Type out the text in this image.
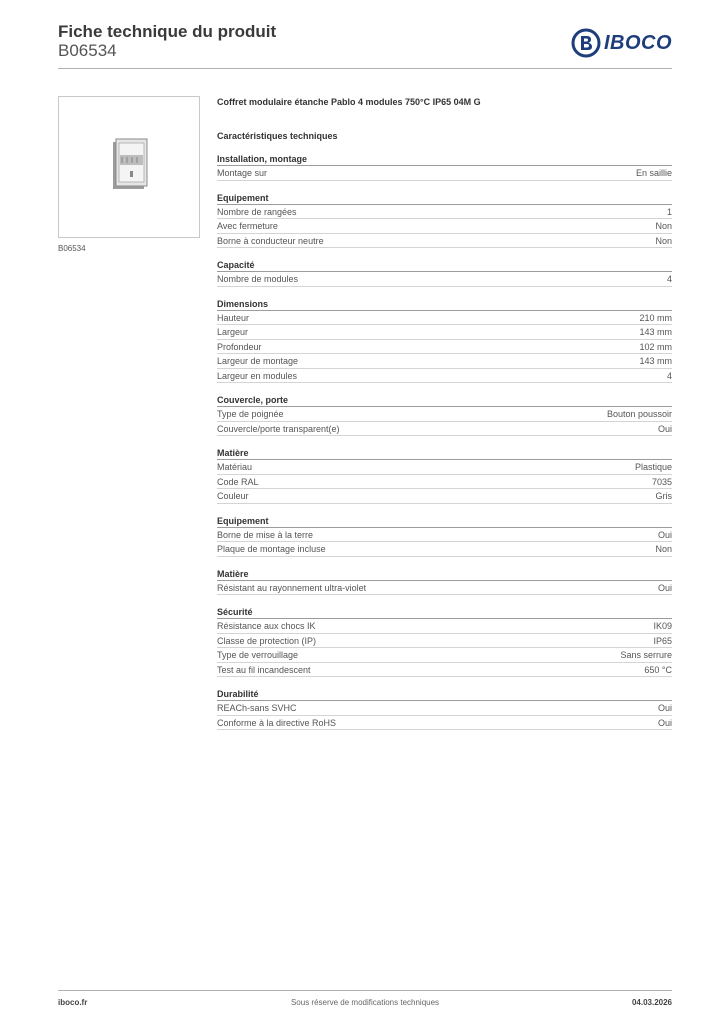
Fiche technique du produit
B06534	IBOCO
B06534
Coffret modulaire étanche Pablo 4 modules 750°C IP65 04M G
Caractéristiques techniques
Installation, montage
Montage sur	En saillie
Equipement
Nombre de rangées	1
Avec fermeture	Non
Borne à conducteur neutre	Non
Capacité
Nombre de modules	4
Dimensions
Hauteur	210 mm
Largeur	143 mm
Profondeur	102 mm
Largeur de montage	143 mm
Largeur en modules	4
Couvercle, porte
Type de poignée	Bouton poussoir
Couvercle/porte transparent(e)	Oui
Matière
Matériau	Plastique
Code RAL	7035
Couleur	Gris
Equipement
Borne de mise à la terre	Oui
Plaque de montage incluse	Non
Matière
Résistant au rayonnement ultra-violet	Oui
Sécurité
Résistance aux chocs IK	IK09
Classe de protection (IP)	IP65
Type de verrouillage	Sans serrure
Test au fil incandescent	650 °C
Durabilité
REACh-sans SVHC	Oui
Conforme à la directive RoHS	Oui
iboco.fr	Sous réserve de modifications techniques	04.03.2026
